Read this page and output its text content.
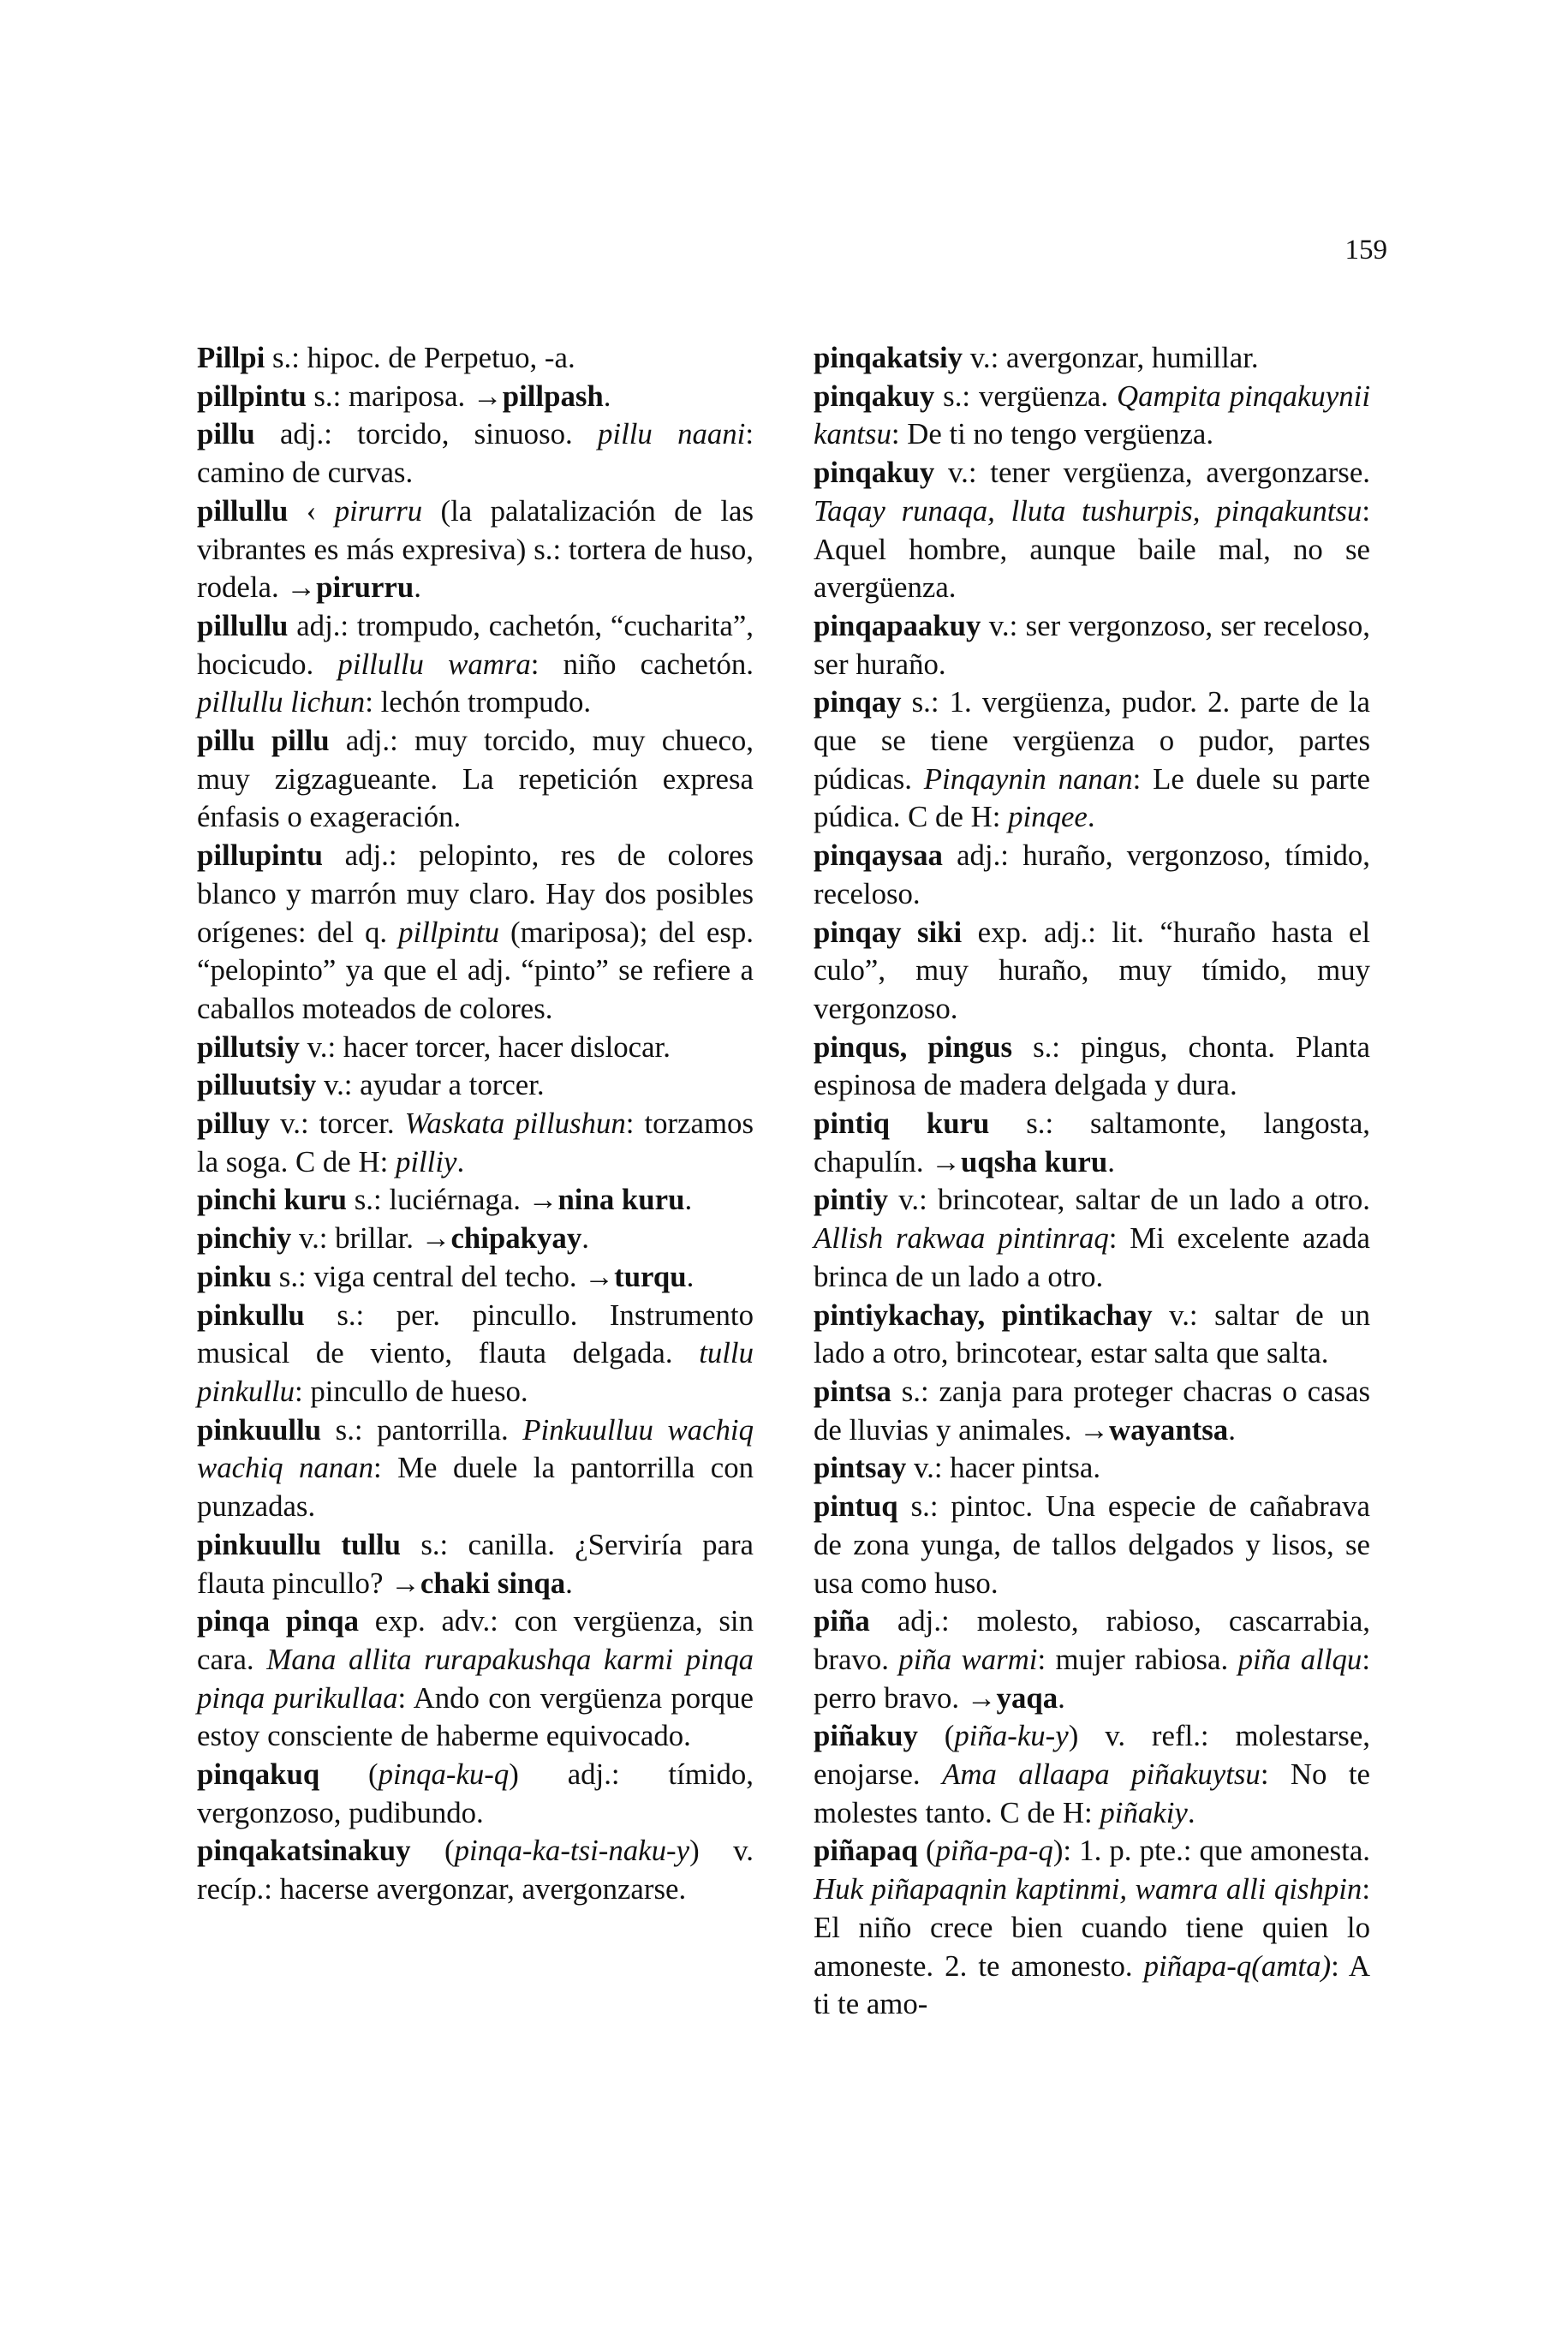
159

Pillpi s.: hipoc. de Perpetuo, -a.

pillpintu s.: mariposa. →pillpash.

pillu adj.: torcido, sinuoso. pillu naani: camino de curvas.

pillullu ‹ pirurru (la palatalización de las vibrantes es más expresiva) s.: tortera de huso, rodela. →pirurru.

pillullu adj.: trompudo, cachetón, “cucharita”, hocicudo. pillullu wamra: niño cachetón. pillullu lichun: lechón trompudo.

pillu pillu adj.: muy torcido, muy chueco, muy zigzagueante. La repetición expresa énfasis o exageración.

pillupintu adj.: pelopinto, res de colores blanco y marrón muy claro. Hay dos posibles orígenes: del q. pillpintu (mariposa); del esp. “pelopinto” ya que el adj. “pinto” se refiere a caballos moteados de colores.

pillutsiy v.: hacer torcer, hacer dislocar.

pilluutsiy v.: ayudar a torcer.

pilluy v.: torcer. Waskata pillushun: torzamos la soga. C de H: pilliy.

pinchi kuru s.: luciérnaga. →nina kuru.

pinchiy v.: brillar. →chipakyay.

pinku s.: viga central del techo. →turqu.

pinkullu s.: per. pincullo. Instrumento musical de viento, flauta delgada. tullu pinkullu: pincullo de hueso.

pinkuullu s.: pantorrilla. Pinkuulluu wachiq wachiq nanan: Me duele la pantorrilla con punzadas.

pinkuullu tullu s.: canilla. ¿Serviría para flauta pincullo? →chaki sinqa.

pinqa pinqa exp. adv.: con vergüenza, sin cara. Mana allita rurapakushqa karmi pinqa pinqa purikullaa: Ando con vergüenza porque estoy consciente de haberme equivocado.

pinqakuq (pinqa-ku-q) adj.: tímido, vergonzoso, pudibundo.

pinqakatsinakuy (pinqa-ka-tsi-naku-y) v. recíp.: hacerse avergonzar, avergonzarse.

pinqakatsiy v.: avergonzar, humillar.

pinqakuy s.: vergüenza. Qampita pinqakuynii kantsu: De ti no tengo vergüenza.

pinqakuy v.: tener vergüenza, avergonzarse. Taqay runaqa, lluta tushurpis, pinqakuntsu: Aquel hombre, aunque baile mal, no se avergüenza.

pinqapaakuy v.: ser vergonzoso, ser receloso, ser huraño.

pinqay s.: 1. vergüenza, pudor. 2. parte de la que se tiene vergüenza o pudor, partes púdicas. Pinqaynin nanan: Le duele su parte púdica. C de H: pinqee.

pinqaysaa adj.: huraño, vergonzoso, tímido, receloso.

pinqay siki exp. adj.: lit. “huraño hasta el culo”, muy huraño, muy tímido, muy vergonzoso.

pinqus, pingus s.: pingus, chonta. Planta espinosa de madera delgada y dura.

pintiq kuru s.: saltamonte, langosta, chapulín. →uqsha kuru.

pintiy v.: brincotear, saltar de un lado a otro. Allish rakwaa pintinraq: Mi excelente azada brinca de un lado a otro.

pintiykachay, pintikachay v.: saltar de un lado a otro, brincotear, estar salta que salta.

pintsa s.: zanja para proteger chacras o casas de lluvias y animales. →wayantsa.

pintsay v.: hacer pintsa.

pintuq s.: pintoc. Una especie de cañabrava de zona yunga, de tallos delgados y lisos, se usa como huso.

piña adj.: molesto, rabioso, cascarrabia, bravo. piña warmi: mujer rabiosa. piña allqu: perro bravo. →yaqa.

piñakuy (piña-ku-y) v. refl.: molestarse, enojarse. Ama allaapa piñakuytsu: No te molestes tanto. C de H: piñakiy.

piñapaq (piña-pa-q): 1. p. pte.: que amonesta. Huk piñapaqnin kaptinmi, wamra alli qishpin: El niño crece bien cuando tiene quien lo amoneste. 2. te amonesto. piñapa-q(amta): A ti te amo-
